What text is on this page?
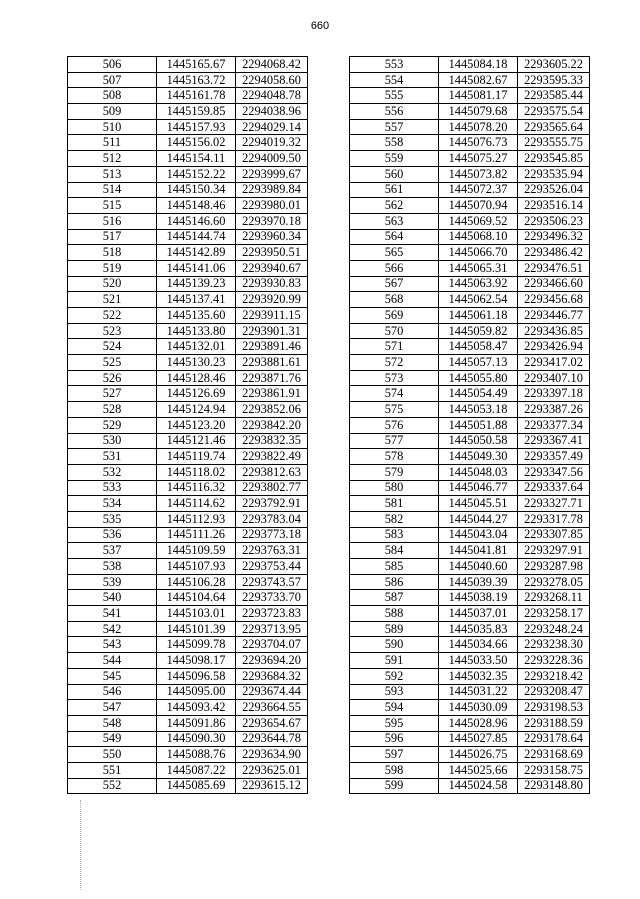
660
506	1445165.67	2294068.42
507	1445163.72	2294058.60
508	1445161.78	2294048.78
509	1445159.85	2294038.96
510	1445157.93	2294029.14
511	1445156.02	2294019.32
512	1445154.11	2294009.50
513	1445152.22	2293999.67
514	1445150.34	2293989.84
515	1445148.46	2293980.01
516	1445146.60	2293970.18
517	1445144.74	2293960.34
518	1445142.89	2293950.51
519	1445141.06	2293940.67
520	1445139.23	2293930.83
521	1445137.41	2293920.99
522	1445135.60	2293911.15
523	1445133.80	2293901.31
524	1445132.01	2293891.46
525	1445130.23	2293881.61
526	1445128.46	2293871.76
527	1445126.69	2293861.91
528	1445124.94	2293852.06
529	1445123.20	2293842.20
530	1445121.46	2293832.35
531	1445119.74	2293822.49
532	1445118.02	2293812.63
533	1445116.32	2293802.77
534	1445114.62	2293792.91
535	1445112.93	2293783.04
536	1445111.26	2293773.18
537	1445109.59	2293763.31
538	1445107.93	2293753.44
539	1445106.28	2293743.57
540	1445104.64	2293733.70
541	1445103.01	2293723.83
542	1445101.39	2293713.95
543	1445099.78	2293704.07
544	1445098.17	2293694.20
545	1445096.58	2293684.32
546	1445095.00	2293674.44
547	1445093.42	2293664.55
548	1445091.86	2293654.67
549	1445090.30	2293644.78
550	1445088.76	2293634.90
551	1445087.22	2293625.01
552	1445085.69	2293615.12
553	1445084.18	2293605.22
554	1445082.67	2293595.33
555	1445081.17	2293585.44
556	1445079.68	2293575.54
557	1445078.20	2293565.64
558	1445076.73	2293555.75
559	1445075.27	2293545.85
560	1445073.82	2293535.94
561	1445072.37	2293526.04
562	1445070.94	2293516.14
563	1445069.52	2293506.23
564	1445068.10	2293496.32
565	1445066.70	2293486.42
566	1445065.31	2293476.51
567	1445063.92	2293466.60
568	1445062.54	2293456.68
569	1445061.18	2293446.77
570	1445059.82	2293436.85
571	1445058.47	2293426.94
572	1445057.13	2293417.02
573	1445055.80	2293407.10
574	1445054.49	2293397.18
575	1445053.18	2293387.26
576	1445051.88	2293377.34
577	1445050.58	2293367.41
578	1445049.30	2293357.49
579	1445048.03	2293347.56
580	1445046.77	2293337.64
581	1445045.51	2293327.71
582	1445044.27	2293317.78
583	1445043.04	2293307.85
584	1445041.81	2293297.91
585	1445040.60	2293287.98
586	1445039.39	2293278.05
587	1445038.19	2293268.11
588	1445037.01	2293258.17
589	1445035.83	2293248.24
590	1445034.66	2293238.30
591	1445033.50	2293228.36
592	1445032.35	2293218.42
593	1445031.22	2293208.47
594	1445030.09	2293198.53
595	1445028.96	2293188.59
596	1445027.85	2293178.64
597	1445026.75	2293168.69
598	1445025.66	2293158.75
599	1445024.58	2293148.80
